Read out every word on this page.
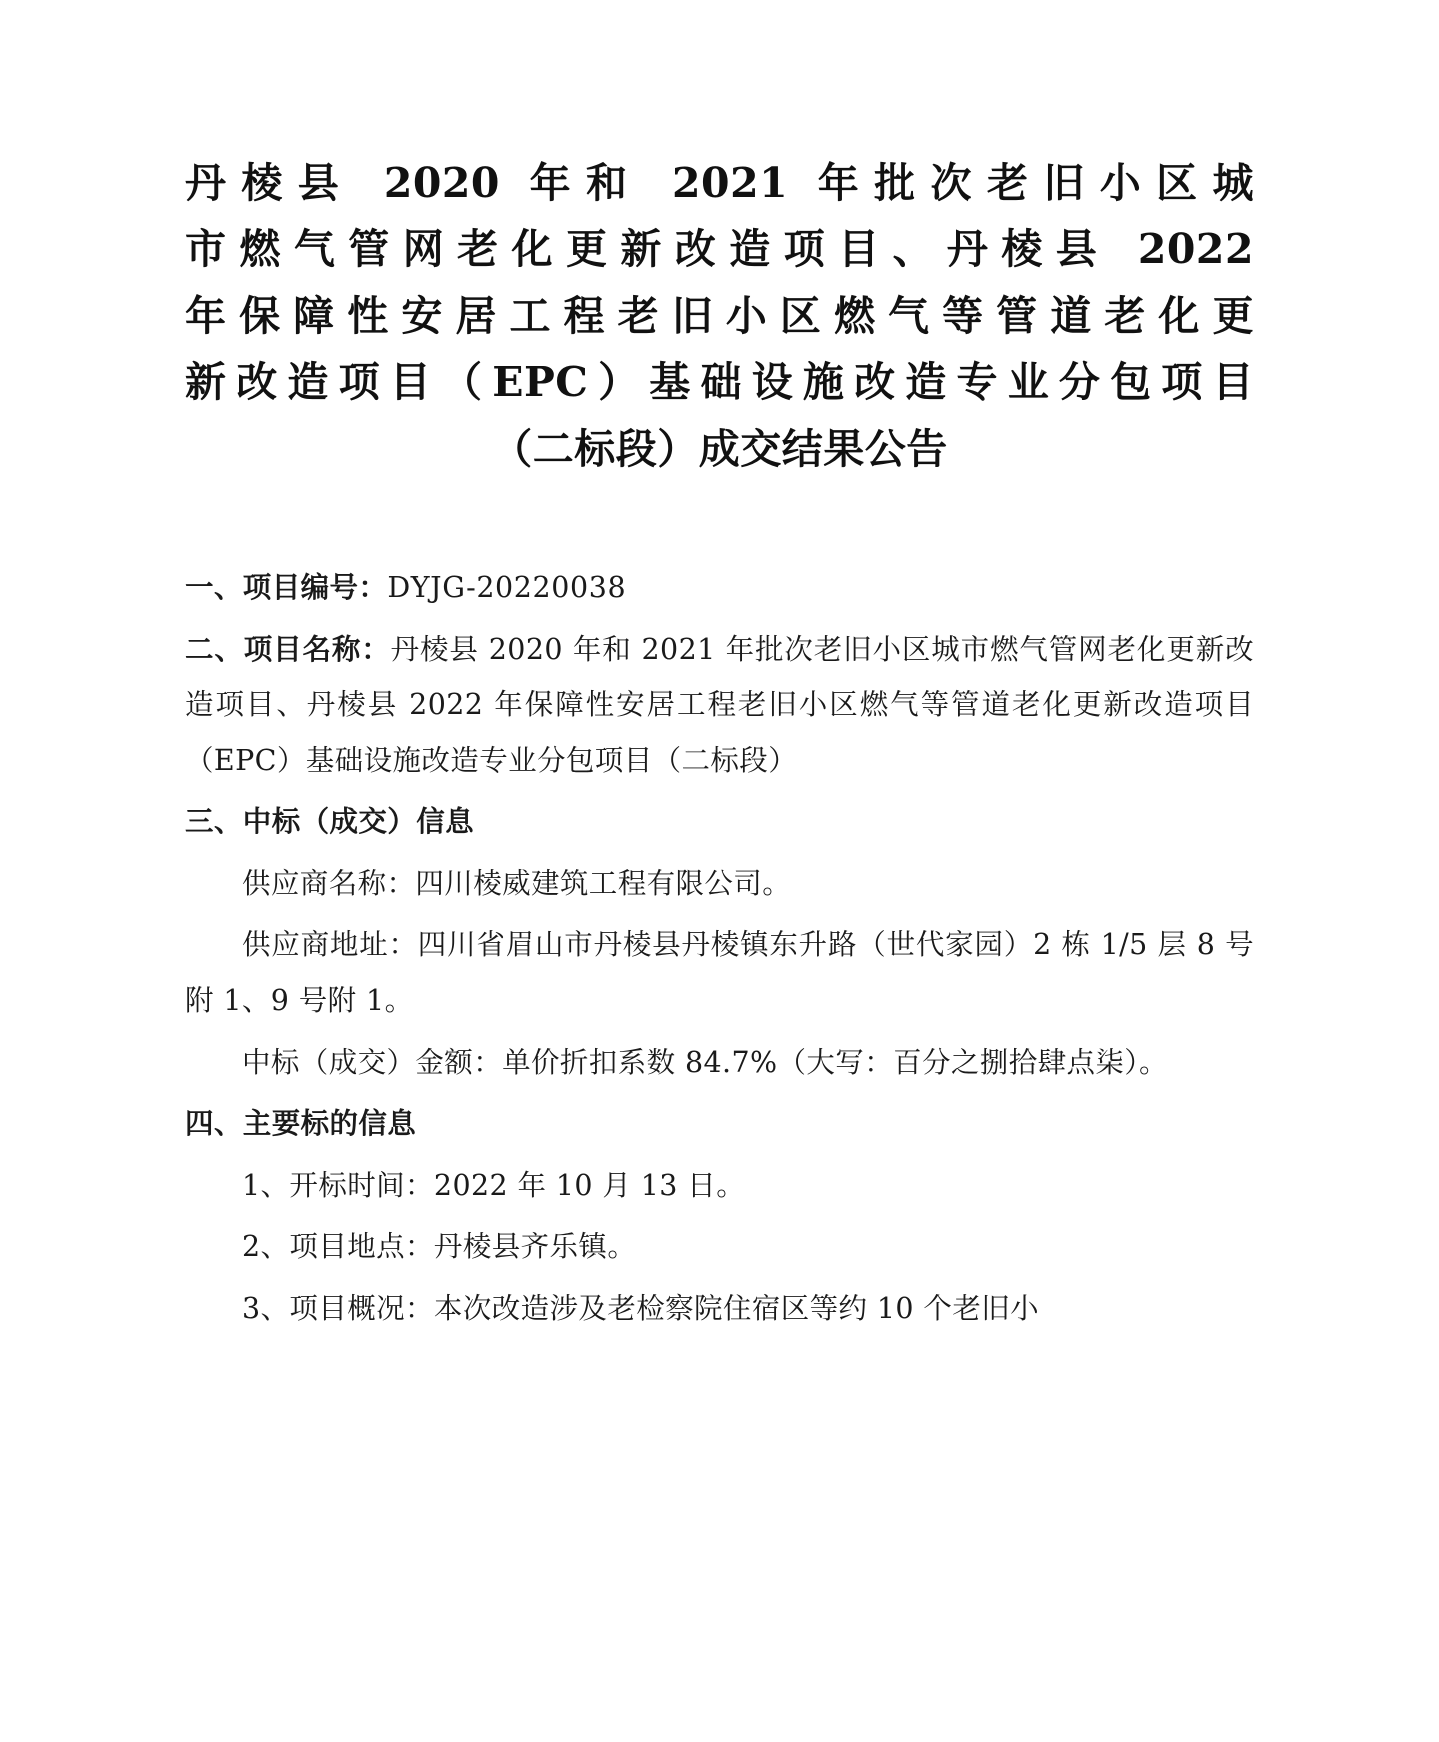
丹棱县 2020 年和 2021 年批次老旧小区城
市燃气管网老化更新改造项目、丹棱县 2022
年保障性安居工程老旧小区燃气等管道老化更
新改造项目（EPC）基础设施改造专业分包项目
（二标段）成交结果公告

一、项目编号：DYJG-20220038

二、项目名称：丹棱县 2020 年和 2021 年批次老旧小区城市燃气管网老化更新改造项目、丹棱县 2022 年保障性安居工程老旧小区燃气等管道老化更新改造项目（EPC）基础设施改造专业分包项目（二标段）

三、中标（成交）信息

供应商名称：四川棱威建筑工程有限公司。

供应商地址：四川省眉山市丹棱县丹棱镇东升路（世代家园）2 栋 1/5 层 8 号附 1、9 号附 1。

中标（成交）金额：单价折扣系数 84.7%（大写：百分之捌拾肆点柒）。

四、主要标的信息

1、开标时间：2022 年 10 月 13 日。

2、项目地点：丹棱县齐乐镇。

3、项目概况：本次改造涉及老检察院住宿区等约 10 个老旧小
